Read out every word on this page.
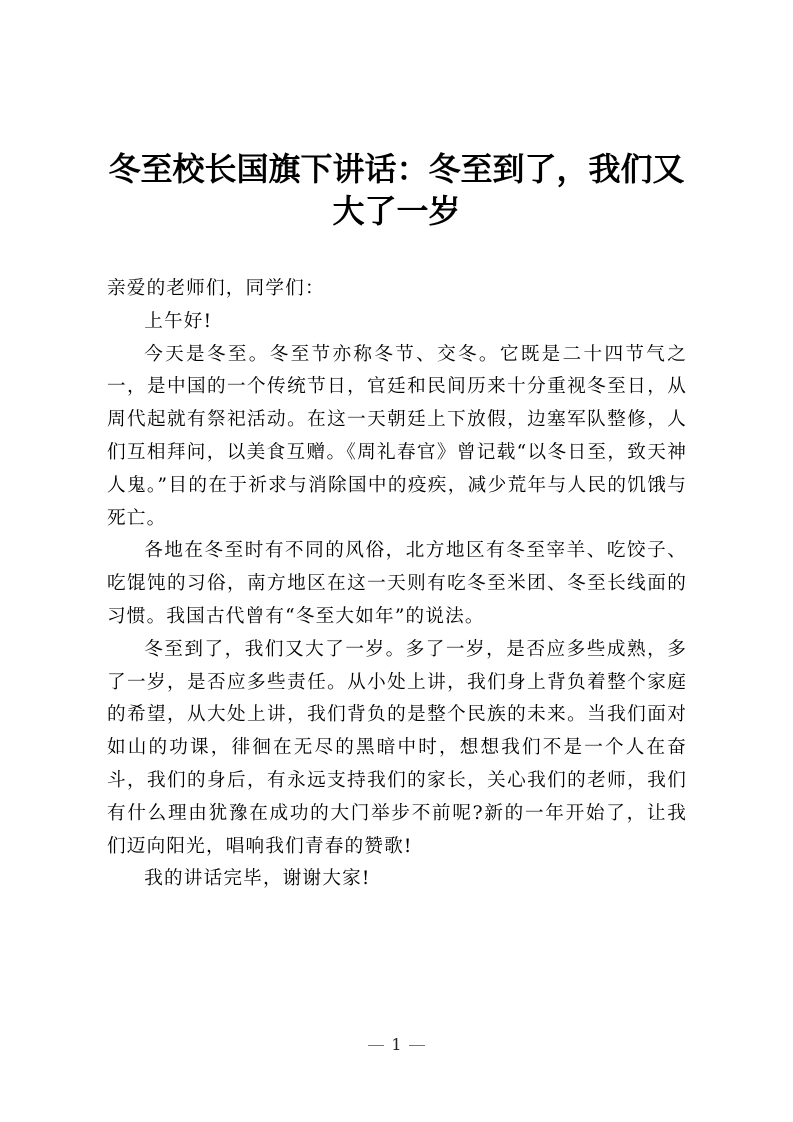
冬至校长国旗下讲话：冬至到了，我们又
大了一岁

亲爱的老师们，同学们：

上午好!

今天是冬至。冬至节亦称冬节、交冬。它既是二十四节气之一，是中国的一个传统节日，官廷和民间历来十分重视冬至日，从周代起就有祭祀活动。在这一天朝廷上下放假，边塞军队整修，人们互相拜问，以美食互赠。《周礼春官》曾记载“以冬日至，致天神人鬼。”目的在于祈求与消除国中的疫疾，减少荒年与人民的饥饿与死亡。

各地在冬至时有不同的风俗，北方地区有冬至宰羊、吃饺子、吃馄饨的习俗，南方地区在这一天则有吃冬至米团、冬至长线面的习惯。我国古代曾有“冬至大如年”的说法。

冬至到了，我们又大了一岁。多了一岁，是否应多些成熟，多了一岁，是否应多些责任。从小处上讲，我们身上背负着整个家庭的希望，从大处上讲，我们背负的是整个民族的未来。当我们面对如山的功课，徘徊在无尽的黑暗中时，想想我们不是一个人在奋斗，我们的身后，有永远支持我们的家长，关心我们的老师，我们有什么理由犹豫在成功的大门举步不前呢?新的一年开始了，让我们迈向阳光，唱响我们青春的赞歌!

我的讲话完毕，谢谢大家!

1
